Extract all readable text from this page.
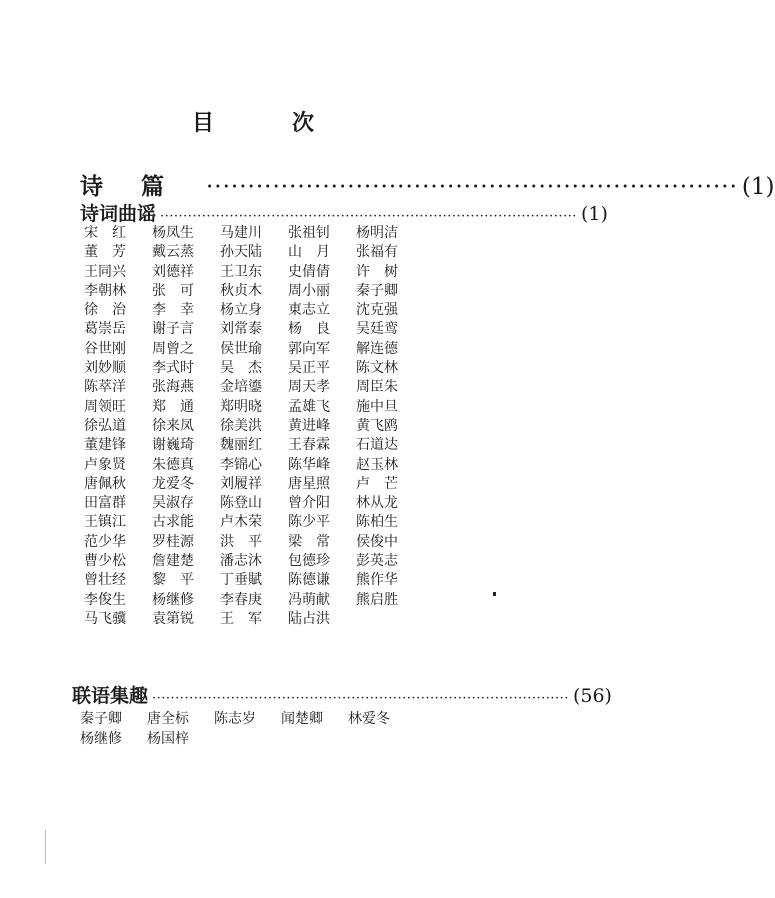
目　次
诗篇 ································································ (1)
诗词曲谣 ·························································································· (1)
宋　红	杨凤生	马建川	张祖钊	杨明洁
董　芳	戴云蒸	孙天陆	山　月	张福有
王同兴	刘德祥	王卫东	史倩倩	许　树
李朝林	张　可	秋贞木	周小丽	秦子卿
徐　治	李　幸	杨立身	東志立	沈克强
葛崇岳	谢子言	刘常泰	杨　良	吴廷鸾
谷世刚	周曾之	侯世瑜	郭向军	解连德
刘妙顺	李式时	吴　杰	吴正平	陈文林
陈萃洋	张海燕	金培鎏	周天孝	周臣朱
周领旺	郑　通	郑明晓	孟雄飞	施中旦
徐弘道	徐来凤	徐美洪	黄进峰	黄飞鸥
董建锋	谢巍琦	魏丽红	王春霖	石道达
卢象贤	朱德真	李锦心	陈华峰	赵玉林
唐佩秋	龙爱冬	刘履祥	唐星照	卢　芒
田富群	吴淑存	陈登山	曾介阳	林从龙
王镇江	古求能	卢木荣	陈少平	陈柏生
范少华	罗桂源	洪　平	梁　常	侯俊中
曹少松	詹建楚	潘志沐	包德珍	彭英志
曾壮经	黎　平	丁垂賦	陈德谦	熊作华
李俊生	杨继修	李春庚	冯萌献	熊启胜
马飞骥	袁第锐	王　军	陆占洪
联语集趣 ·························································································· (56)
秦子卿	唐全标	陈志岁	闻楚卿	林爱冬
杨继修	杨国梓
